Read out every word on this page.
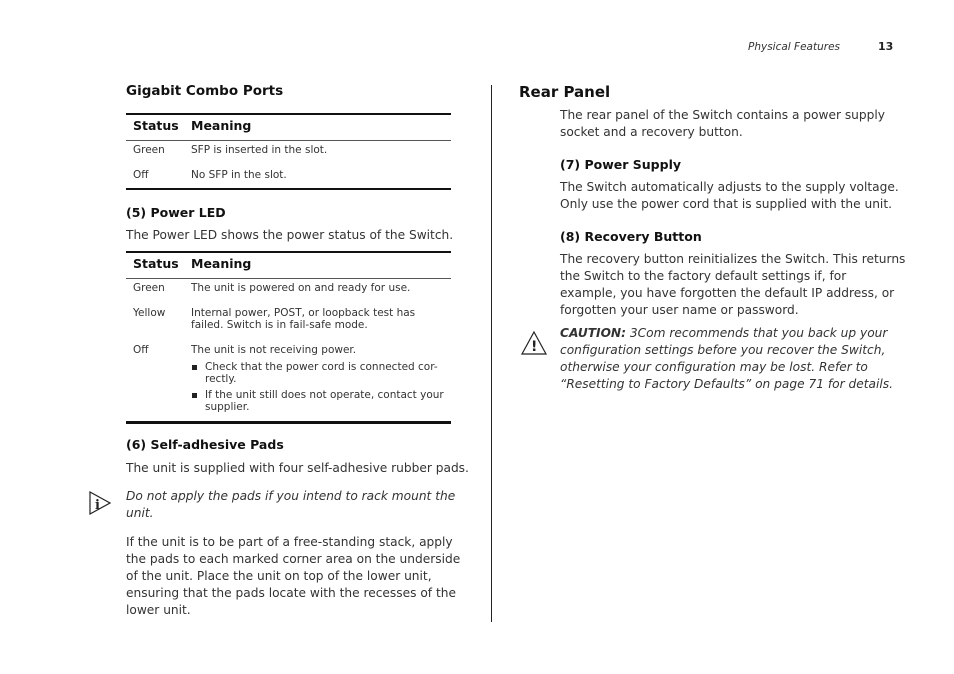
Physical Features	13
Gigabit Combo Ports
Status Meaning
Green SFP is inserted in the slot.
Off	No SFP in the slot.
(5) Power LED
The Power LED shows the power status of the Switch.
Status Meaning
Green The unit is powered on and ready for use.
Yellow Internal power, POST, or loopback test has
failed. Switch is in fail-safe mode.
Off	The unit is not receiving power.
Check that the power cord is connected cor-
rectly.
If the unit still does not operate, contact your
supplier.
(6) Self-adhesive Pads
The unit is supplied with four self-adhesive rubber pads.
i
Do not apply the pads if you intend to rack mount the
unit.
If the unit is to be part of a free-standing stack, apply
the pads to each marked corner area on the underside
of the unit. Place the unit on top of the lower unit,
ensuring that the pads locate with the recesses of the
lower unit.
Rear Panel
The rear panel of the Switch contains a power supply
socket and a recovery button.
(7) Power Supply
The Switch automatically adjusts to the supply voltage.
Only use the power cord that is supplied with the unit.
(8) Recovery Button
The recovery button reinitializes the Switch. This returns
the Switch to the factory default settings if, for
example, you have forgotten the default IP address, or
forgotten your user name or password.
!
CAUTION: 3Com recommends that you back up your
configuration settings before you recover the Switch,
otherwise your configuration may be lost. Refer to
“Resetting to Factory Defaults” on page 71 for details.
